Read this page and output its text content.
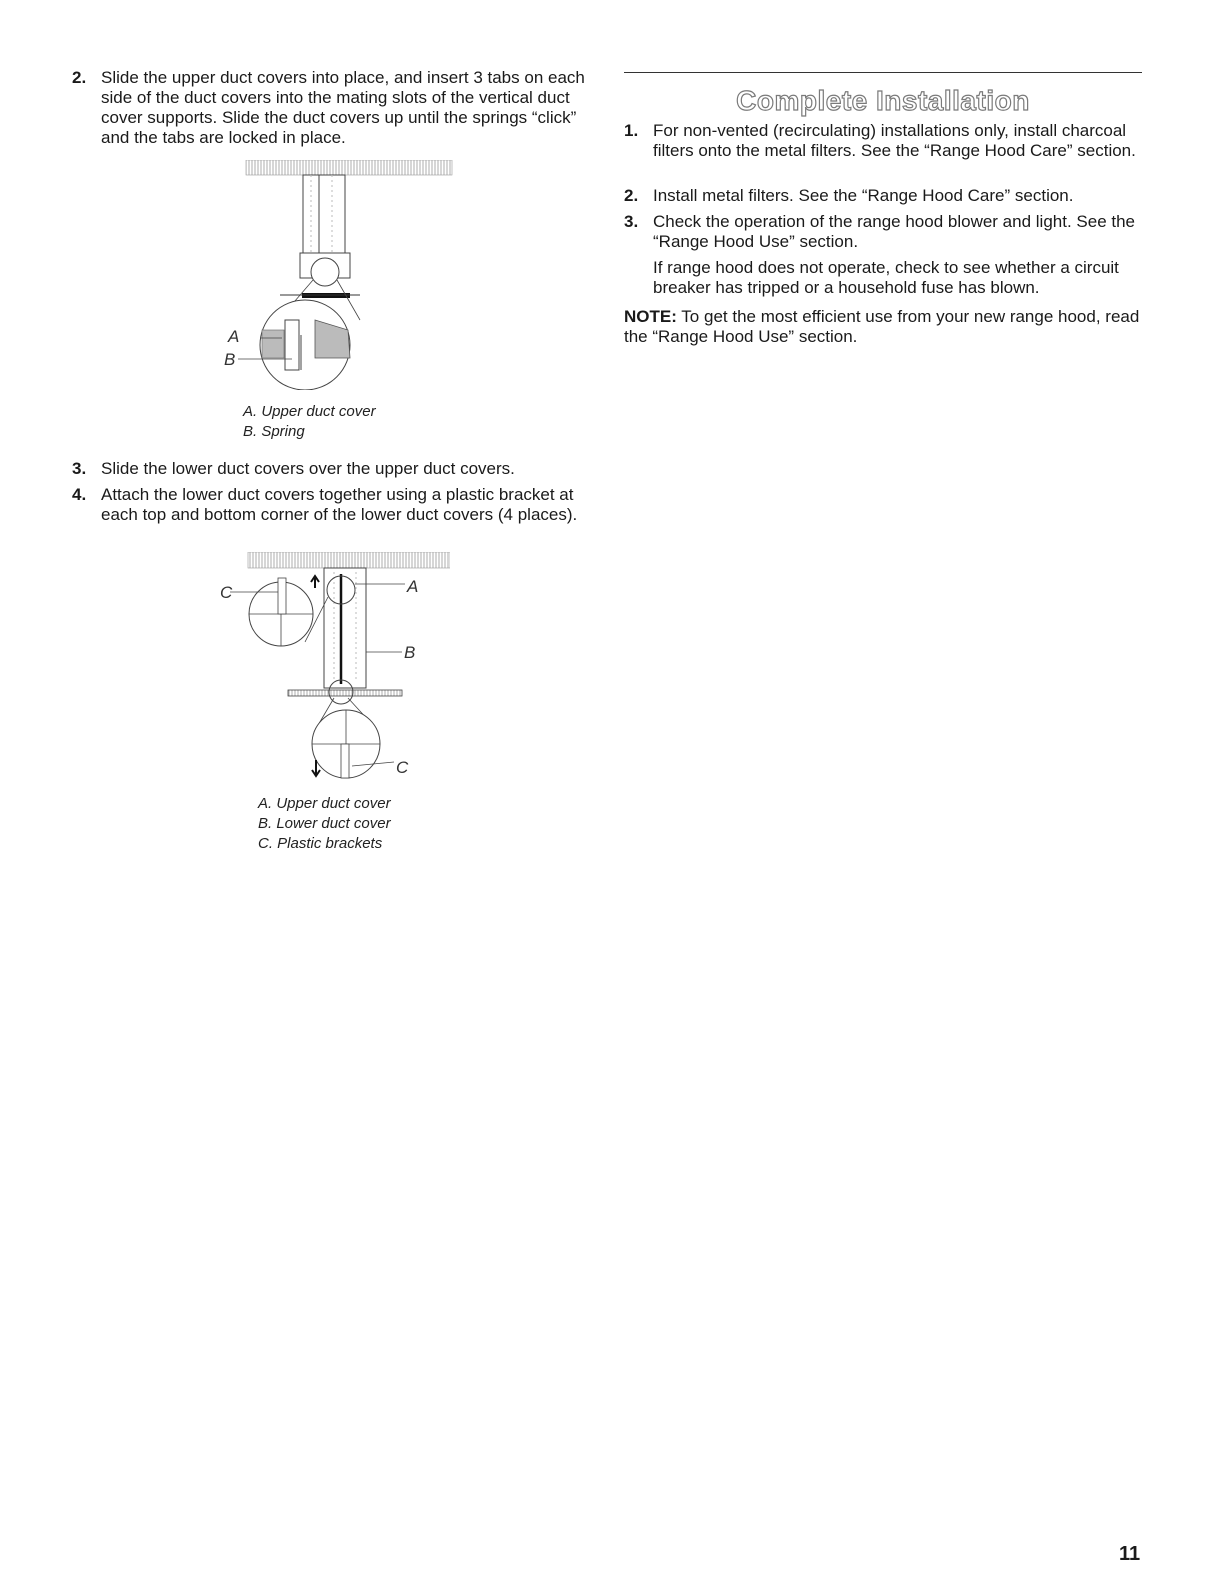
2. Slide the upper duct covers into place, and insert 3 tabs on each side of the duct covers into the mating slots of the vertical duct cover supports. Slide the duct covers up until the springs “click” and the tabs are locked in place.
A
B
A. Upper duct cover
B. Spring
3. Slide the lower duct covers over the upper duct covers.
4. Attach the lower duct covers together using a plastic bracket at each top and bottom corner of the lower duct covers (4 places).
C	A
B
C
A. Upper duct cover
B. Lower duct cover
C. Plastic brackets
Complete Installation
1. For non-vented (recirculating) installations only, install charcoal filters onto the metal filters. See the “Range Hood Care” section.
2. Install metal filters. See the “Range Hood Care” section.
3. Check the operation of the range hood blower and light. See the “Range Hood Use” section.
If range hood does not operate, check to see whether a circuit breaker has tripped or a household fuse has blown.
NOTE: To get the most efficient use from your new range hood, read the “Range Hood Use” section.
11
